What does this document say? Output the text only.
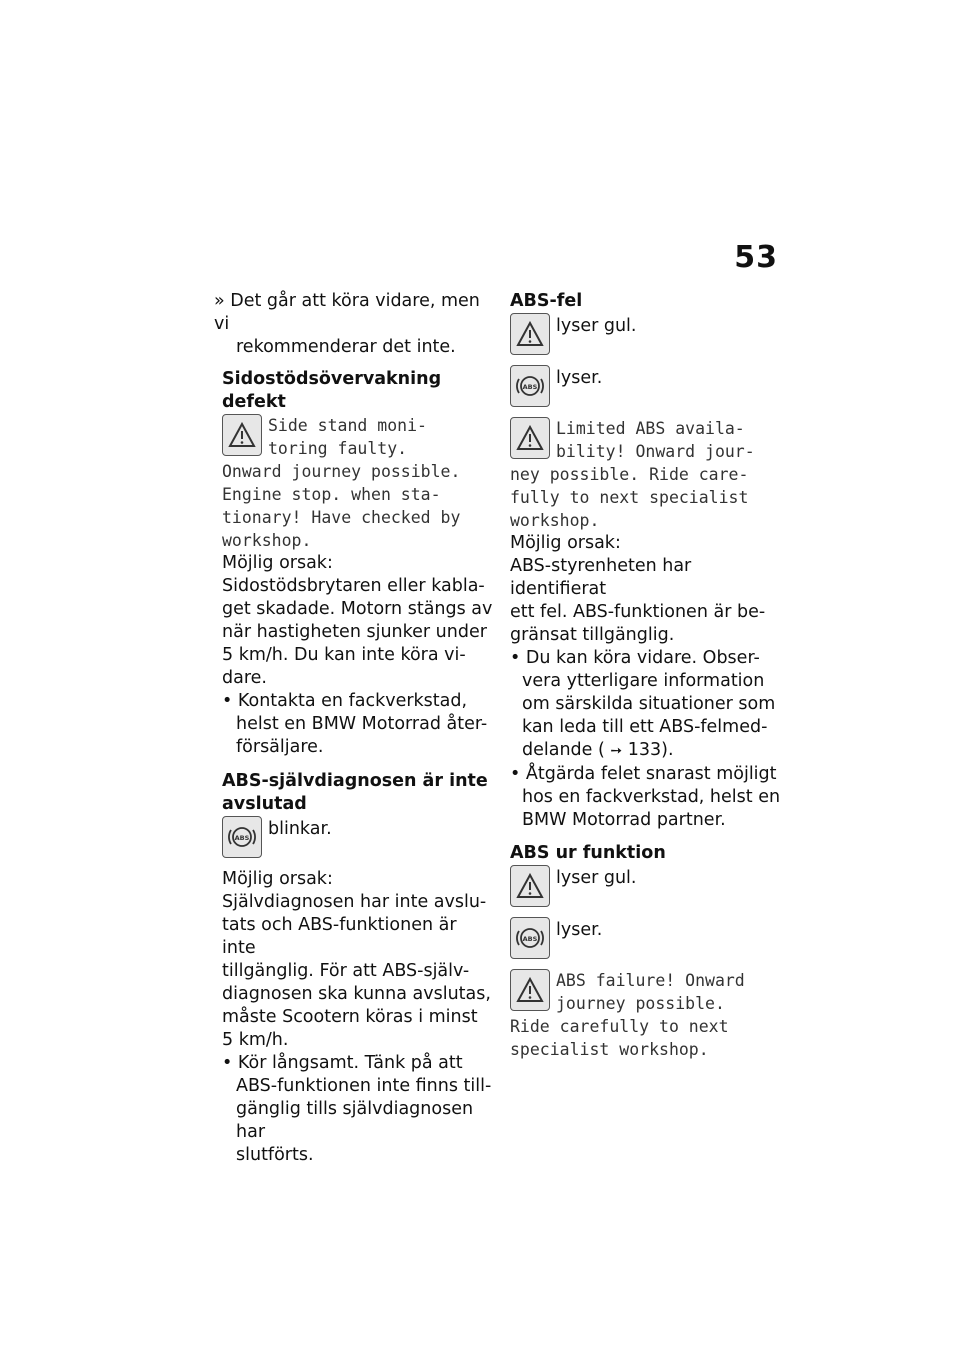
53

» Det går att köra vidare, men vi

rekommenderar det inte.

Sidostödsövervakning defekt

Side stand moni-

toring faulty.

Onward journey possible.

Engine stop. when sta-

tionary! Have checked by

workshop.

Möjlig orsak:

Sidostödsbrytaren eller kabla-

get skadade. Motorn stängs av

när hastigheten sjunker under

5 km/h. Du kan inte köra vi-

dare.

• Kontakta en fackverkstad,

helst en BMW Motorrad åter-

försäljare.

ABS-självdiagnosen är inte
avslutad
ABS blinkar.

Möjlig orsak:

Självdiagnosen har inte avslu-

tats och ABS-funktionen är inte

tillgänglig. För att ABS-själv-

diagnosen ska kunna avslutas,

måste Scootern köras i minst

5 km/h.

• Kör långsamt. Tänk på att

ABS-funktionen inte finns till-

gänglig tills självdiagnosen har

slutförts.

ABS-fel

lyser gul.

ABS lyser.

Limited ABS availa-

bility! Onward jour-

ney possible. Ride care-

fully to next specialist

workshop.

Möjlig orsak:

ABS-styrenheten har identifierat

ett fel. ABS-funktionen är be-

gränsat tillgänglig.

• Du kan köra vidare. Obser-

vera ytterligare information

om särskilda situationer som

kan leda till ett ABS-felmed-

delande ( ➙ 133).

• Åtgärda felet snarast möjligt

hos en fackverkstad, helst en

BMW Motorrad partner.

ABS ur funktion

lyser gul.

ABS lyser.

ABS failure! Onward

journey possible.

Ride carefully to next

specialist workshop.
